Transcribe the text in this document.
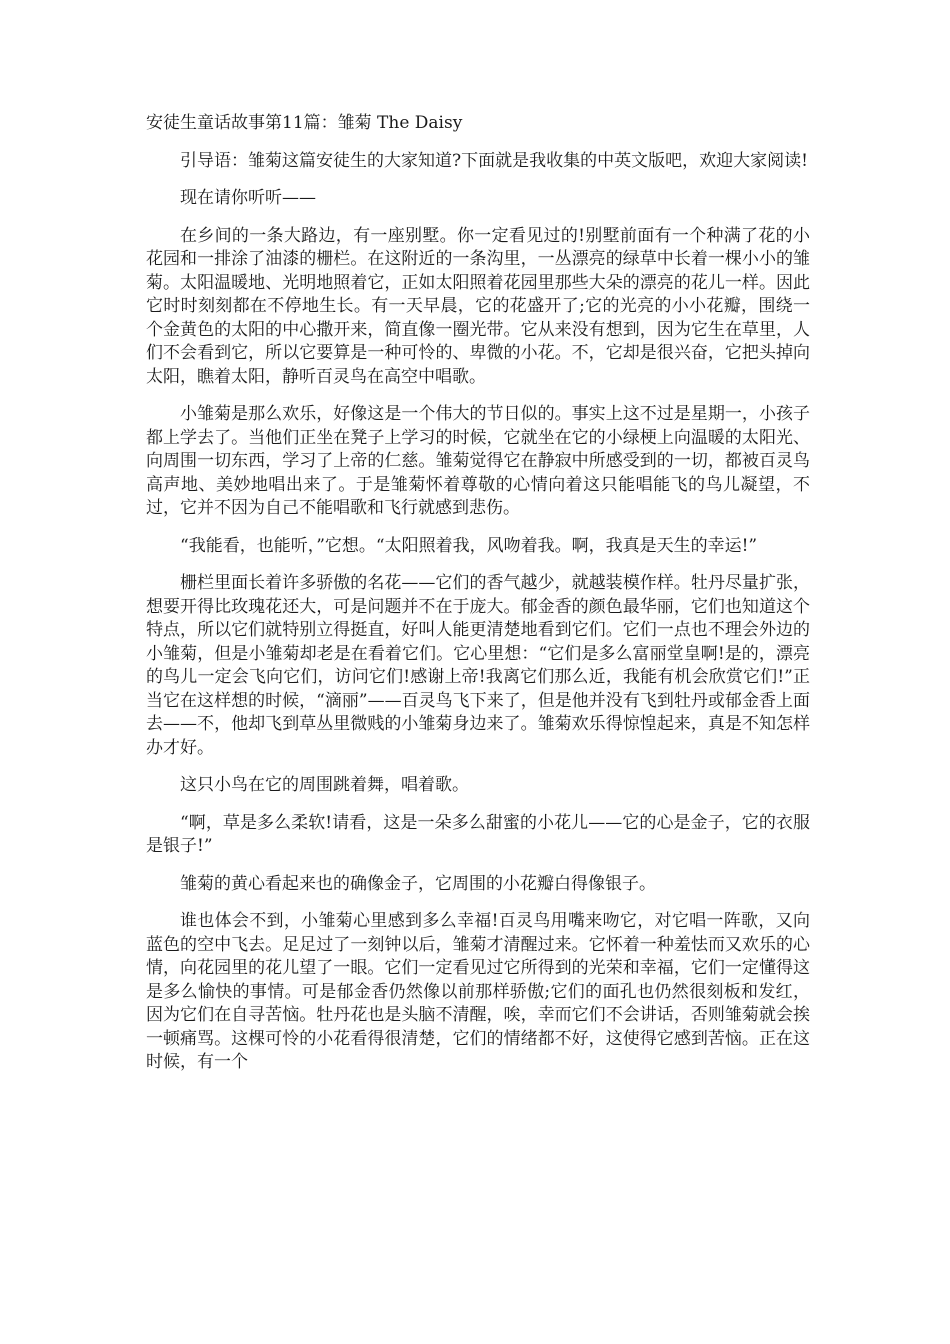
安徒生童话故事第11篇：雏菊 The Daisy

引导语：雏菊这篇安徒生的大家知道?下面就是我收集的中英文版吧，欢迎大家阅读!

现在请你听听——

在乡间的一条大路边，有一座别墅。你一定看见过的!别墅前面有一个种满了花的小花园和一排涂了油漆的栅栏。在这附近的一条沟里，一丛漂亮的绿草中长着一棵小小的雏菊。太阳温暖地、光明地照着它，正如太阳照着花园里那些大朵的漂亮的花儿一样。因此它时时刻刻都在不停地生长。有一天早晨，它的花盛开了;它的光亮的小小花瓣，围绕一个金黄色的太阳的中心撒开来，简直像一圈光带。它从来没有想到，因为它生在草里，人们不会看到它，所以它要算是一种可怜的、卑微的小花。不，它却是很兴奋，它把头掉向太阳，瞧着太阳，静听百灵鸟在高空中唱歌。

小雏菊是那么欢乐，好像这是一个伟大的节日似的。事实上这不过是星期一，小孩子都上学去了。当他们正坐在凳子上学习的时候，它就坐在它的小绿梗上向温暖的太阳光、向周围一切东西，学习了上帝的仁慈。雏菊觉得它在静寂中所感受到的一切，都被百灵鸟高声地、美妙地唱出来了。于是雏菊怀着尊敬的心情向着这只能唱能飞的鸟儿凝望，不过，它并不因为自己不能唱歌和飞行就感到悲伤。

“我能看，也能听，”它想。“太阳照着我，风吻着我。啊，我真是天生的幸运!”

栅栏里面长着许多骄傲的名花——它们的香气越少，就越装模作样。牡丹尽量扩张，想要开得比玫瑰花还大，可是问题并不在于庞大。郁金香的颜色最华丽，它们也知道这个特点，所以它们就特别立得挺直，好叫人能更清楚地看到它们。它们一点也不理会外边的小雏菊，但是小雏菊却老是在看着它们。它心里想：“它们是多么富丽堂皇啊!是的，漂亮的鸟儿一定会飞向它们，访问它们!感谢上帝!我离它们那么近，我能有机会欣赏它们!”正当它在这样想的时候，“滴丽”——百灵鸟飞下来了，但是他并没有飞到牡丹或郁金香上面去——不，他却飞到草丛里微贱的小雏菊身边来了。雏菊欢乐得惊惶起来，真是不知怎样办才好。

这只小鸟在它的周围跳着舞，唱着歌。

“啊，草是多么柔软!请看，这是一朵多么甜蜜的小花儿——它的心是金子，它的衣服是银子!”

雏菊的黄心看起来也的确像金子，它周围的小花瓣白得像银子。

谁也体会不到，小雏菊心里感到多么幸福!百灵鸟用嘴来吻它，对它唱一阵歌，又向蓝色的空中飞去。足足过了一刻钟以后，雏菊才清醒过来。它怀着一种羞怯而又欢乐的心情，向花园里的花儿望了一眼。它们一定看见过它所得到的光荣和幸福，它们一定懂得这是多么愉快的事情。可是郁金香仍然像以前那样骄傲;它们的面孔也仍然很刻板和发红，因为它们在自寻苦恼。牡丹花也是头脑不清醒，唉，幸而它们不会讲话，否则雏菊就会挨一顿痛骂。这棵可怜的小花看得很清楚，它们的情绪都不好，这使得它感到苦恼。正在这时候，有一个
